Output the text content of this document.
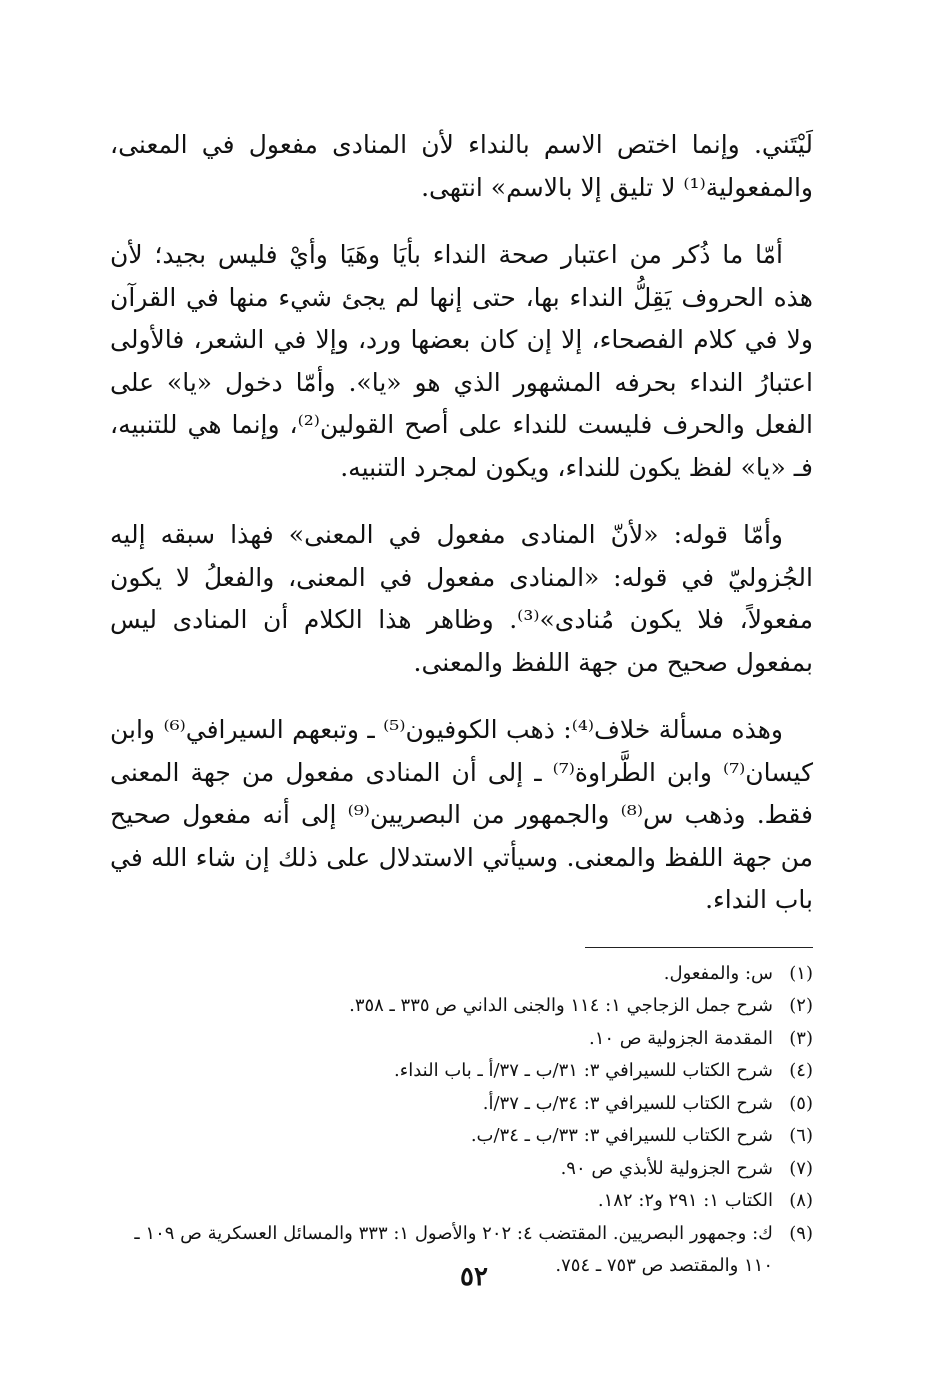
لَيْتَني. وإنما اختص الاسم بالنداء لأن المنادى مفعول في المعنى، والمفعولية⁽¹⁾ لا تليق إلا بالاسم» انتهى.

أمّا ما ذُكر من اعتبار صحة النداء بأيَا وهَيَا وأيْ فليس بجيد؛ لأن هذه الحروف يَقِلُّ النداء بها، حتى إنها لم يجئ شيء منها في القرآن ولا في كلام الفصحاء، إلا إن كان بعضها ورد، وإلا في الشعر، فالأولى اعتبارُ النداء بحرفه المشهور الذي هو «يا». وأمّا دخول «يا» على الفعل والحرف فليست للنداء على أصح القولين⁽²⁾، وإنما هي للتنبيه، فـ «يا» لفظ يكون للنداء، ويكون لمجرد التنبيه.

وأمّا قوله: «لأنّ المنادى مفعول في المعنى» فهذا سبقه إليه الجُزوليّ في قوله: «المنادى مفعول في المعنى، والفعلُ لا يكون مفعولاً، فلا يكون مُنادى»⁽³⁾. وظاهر هذا الكلام أن المنادى ليس بمفعول صحيح من جهة اللفظ والمعنى.

وهذه مسألة خلاف⁽⁴⁾: ذهب الكوفيون⁽⁵⁾ ـ وتبعهم السيرافي⁽⁶⁾ وابن كيسان⁽⁷⁾ وابن الطَّراوة⁽⁷⁾ ـ إلى أن المنادى مفعول من جهة المعنى فقط. وذهب س⁽⁸⁾ والجمهور من البصريين⁽⁹⁾ إلى أنه مفعول صحيح من جهة اللفظ والمعنى. وسيأتي الاستدلال على ذلك إن شاء الله في باب النداء.

(١)
س: والمفعول.
(٢)
شرح جمل الزجاجي ١: ١١٤ والجنى الداني ص ٣٣٥ ـ ٣٥٨.
(٣)
المقدمة الجزولية ص ١٠.
(٤)
شرح الكتاب للسيرافي ٣: ٣١/ب ـ ٣٧/أ ـ باب النداء.
(٥)
شرح الكتاب للسيرافي ٣: ٣٤/ب ـ ٣٧/أ.
(٦)
شرح الكتاب للسيرافي ٣: ٣٣/ب ـ ٣٤/ب.
(٧)
شرح الجزولية للأبذي ص ٩٠.
(٨)
الكتاب ١: ٢٩١ و٢: ١٨٢.
(٩)
ك: وجمهور البصريين. المقتضب ٤: ٢٠٢ والأصول ١: ٣٣٣ والمسائل العسكرية ص ١٠٩ ـ ١١٠ والمقتصد ص ٧٥٣ ـ ٧٥٤.
٥٢
